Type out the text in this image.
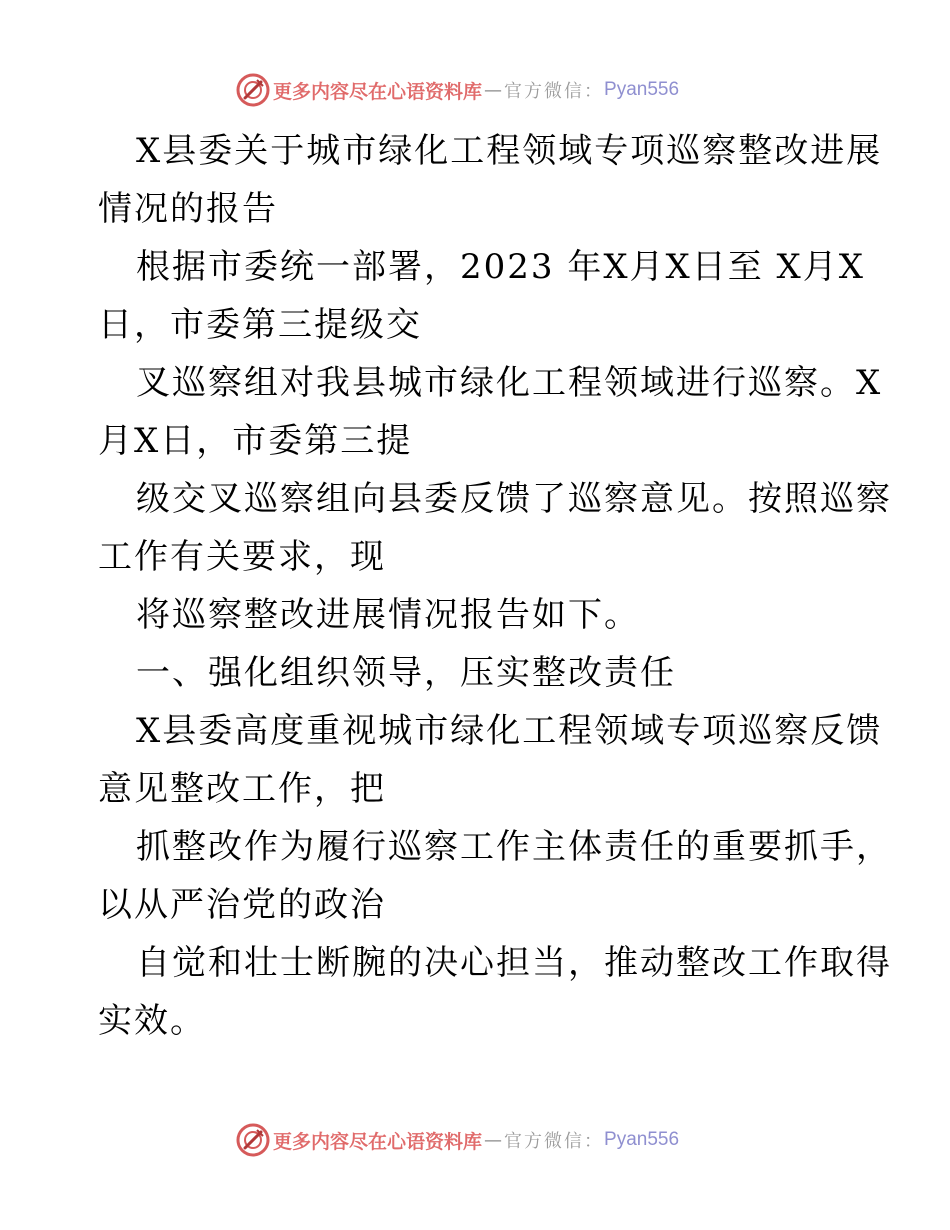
更多内容尽在心语资料库 — 官方微信： Pyan556
X县委关于城市绿化工程领域专项巡察整改进展
情况的报告
根据市委统一部署，2023 年X月X日至 X月X
日，市委第三提级交
叉巡察组对我县城市绿化工程领域进行巡察。X
月X日，市委第三提
级交叉巡察组向县委反馈了巡察意见。按照巡察
工作有关要求，现
将巡察整改进展情况报告如下。
一、强化组织领导，压实整改责任
X县委高度重视城市绿化工程领域专项巡察反馈
意见整改工作，把
抓整改作为履行巡察工作主体责任的重要抓手，
以从严治党的政治
自觉和壮士断腕的决心担当，推动整改工作取得
实效。
更多内容尽在心语资料库 — 官方微信： Pyan556
